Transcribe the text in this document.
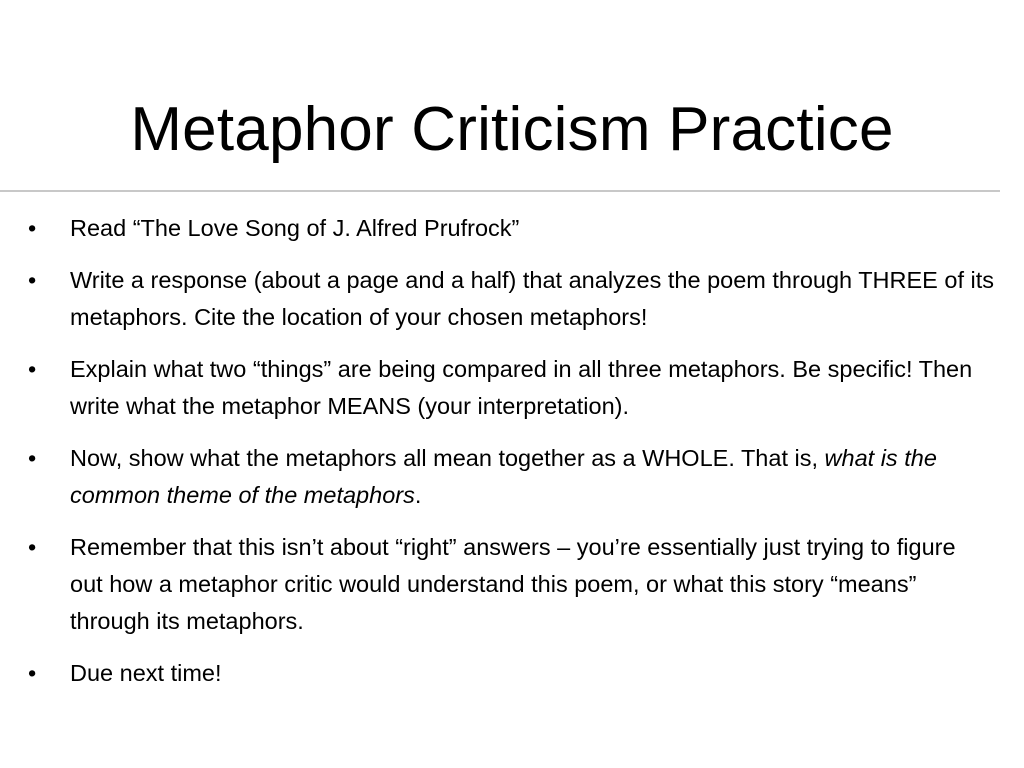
Metaphor Criticism Practice
• Read “The Love Song of J. Alfred Prufrock”
• Write a response (about a page and a half) that analyzes the poem through THREE of its metaphors. Cite the location of your chosen metaphors!
• Explain what two “things” are being compared in all three metaphors. Be specific! Then write what the metaphor MEANS (your interpretation).
• Now, show what the metaphors all mean together as a WHOLE. That is, what is the common theme of the metaphors.
• Remember that this isn’t about “right” answers – you’re essentially just trying to figure out how a metaphor critic would understand this poem, or what this story “means” through its metaphors.
• Due next time!
